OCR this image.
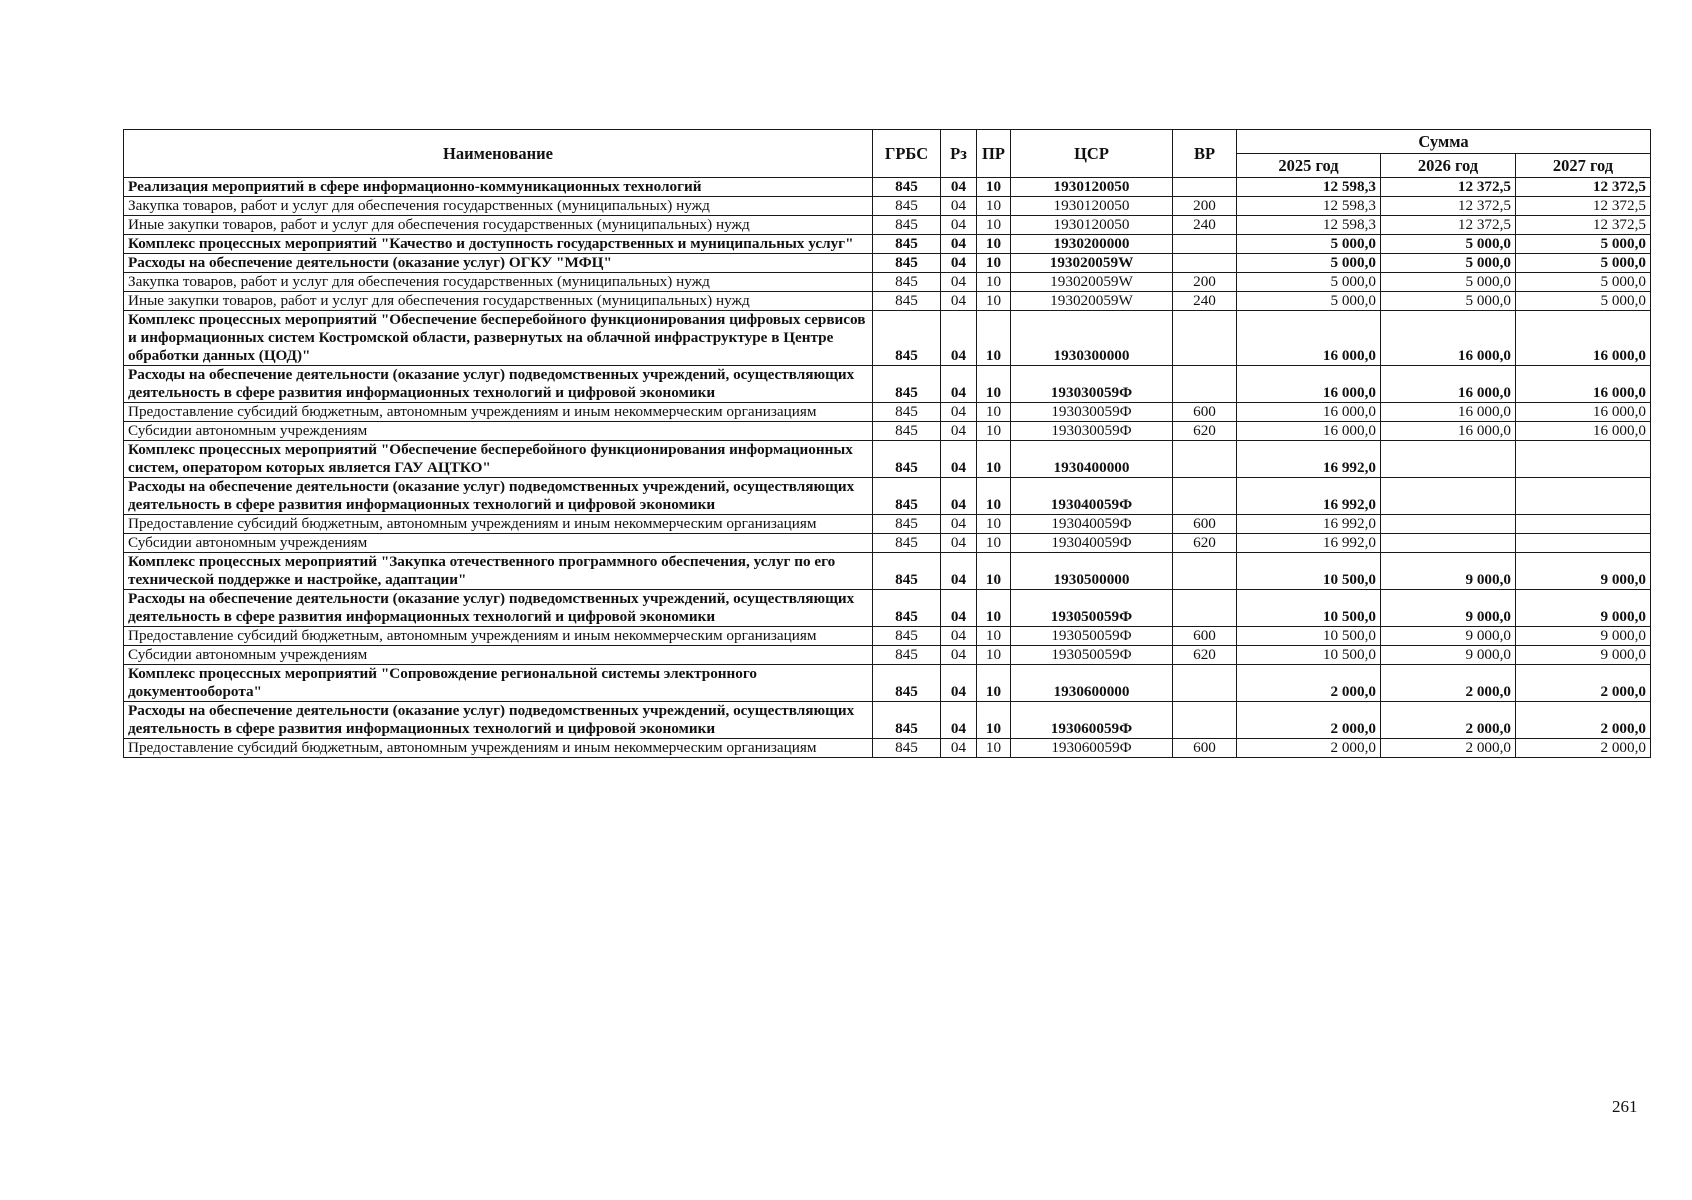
Наименование	ГРБС	Рз	ПР	ЦСР	ВР	Сумма		
						2025 год	2026 год	2027 год
Реализация мероприятий в сфере информационно-коммуникационных технологий	845	04	10	1930120050		12 598,3	12 372,5	12 372,5
Закупка товаров, работ и услуг для обеспечения государственных (муниципальных) нужд	845	04	10	1930120050	200	12 598,3	12 372,5	12 372,5
Иные закупки товаров, работ и услуг для обеспечения государственных (муниципальных) нужд	845	04	10	1930120050	240	12 598,3	12 372,5	12 372,5
Комплекс процессных мероприятий "Качество и доступность государственных и муниципальных услуг"	845	04	10	1930200000		5 000,0	5 000,0	5 000,0
Расходы на обеспечение деятельности (оказание услуг) ОГКУ "МФЦ"	845	04	10	193020059W		5 000,0	5 000,0	5 000,0
Закупка товаров, работ и услуг для обеспечения государственных (муниципальных) нужд	845	04	10	193020059W	200	5 000,0	5 000,0	5 000,0
Иные закупки товаров, работ и услуг для обеспечения государственных (муниципальных) нужд	845	04	10	193020059W	240	5 000,0	5 000,0	5 000,0
Комплекс процессных мероприятий "Обеспечение бесперебойного функционирования цифровых сервисов и информационных систем Костромской области, развернутых на облачной инфраструктуре в Центре обработки данных (ЦОД)"	845	04	10	1930300000		16 000,0	16 000,0	16 000,0
Расходы на обеспечение деятельности (оказание услуг) подведомственных учреждений, осуществляющих деятельность в сфере развития информационных технологий и цифровой экономики	845	04	10	193030059Ф		16 000,0	16 000,0	16 000,0
Предоставление субсидий бюджетным, автономным учреждениям и иным некоммерческим организациям	845	04	10	193030059Ф	600	16 000,0	16 000,0	16 000,0
Субсидии автономным учреждениям	845	04	10	193030059Ф	620	16 000,0	16 000,0	16 000,0
Комплекс процессных мероприятий "Обеспечение бесперебойного функционирования информационных систем, оператором которых является ГАУ АЦТКО"	845	04	10	1930400000		16 992,0		
Расходы на обеспечение деятельности (оказание услуг) подведомственных учреждений, осуществляющих деятельность в сфере развития информационных технологий и цифровой экономики	845	04	10	193040059Ф		16 992,0		
Предоставление субсидий бюджетным, автономным учреждениям и иным некоммерческим организациям	845	04	10	193040059Ф	600	16 992,0		
Субсидии автономным учреждениям	845	04	10	193040059Ф	620	16 992,0		
Комплекс процессных мероприятий "Закупка отечественного программного обеспечения, услуг по его технической поддержке и настройке, адаптации"	845	04	10	1930500000		10 500,0	9 000,0	9 000,0
Расходы на обеспечение деятельности (оказание услуг) подведомственных учреждений, осуществляющих деятельность в сфере развития информационных технологий и цифровой экономики	845	04	10	193050059Ф		10 500,0	9 000,0	9 000,0
Предоставление субсидий бюджетным, автономным учреждениям и иным некоммерческим организациям	845	04	10	193050059Ф	600	10 500,0	9 000,0	9 000,0
Субсидии автономным учреждениям	845	04	10	193050059Ф	620	10 500,0	9 000,0	9 000,0
Комплекс процессных мероприятий "Сопровождение региональной системы электронного документооборота"	845	04	10	1930600000		2 000,0	2 000,0	2 000,0
Расходы на обеспечение деятельности (оказание услуг) подведомственных учреждений, осуществляющих деятельность в сфере развития информационных технологий и цифровой экономики	845	04	10	193060059Ф		2 000,0	2 000,0	2 000,0
Предоставление субсидий бюджетным, автономным учреждениям и иным некоммерческим организациям	845	04	10	193060059Ф	600	2 000,0	2 000,0	2 000,0
261
